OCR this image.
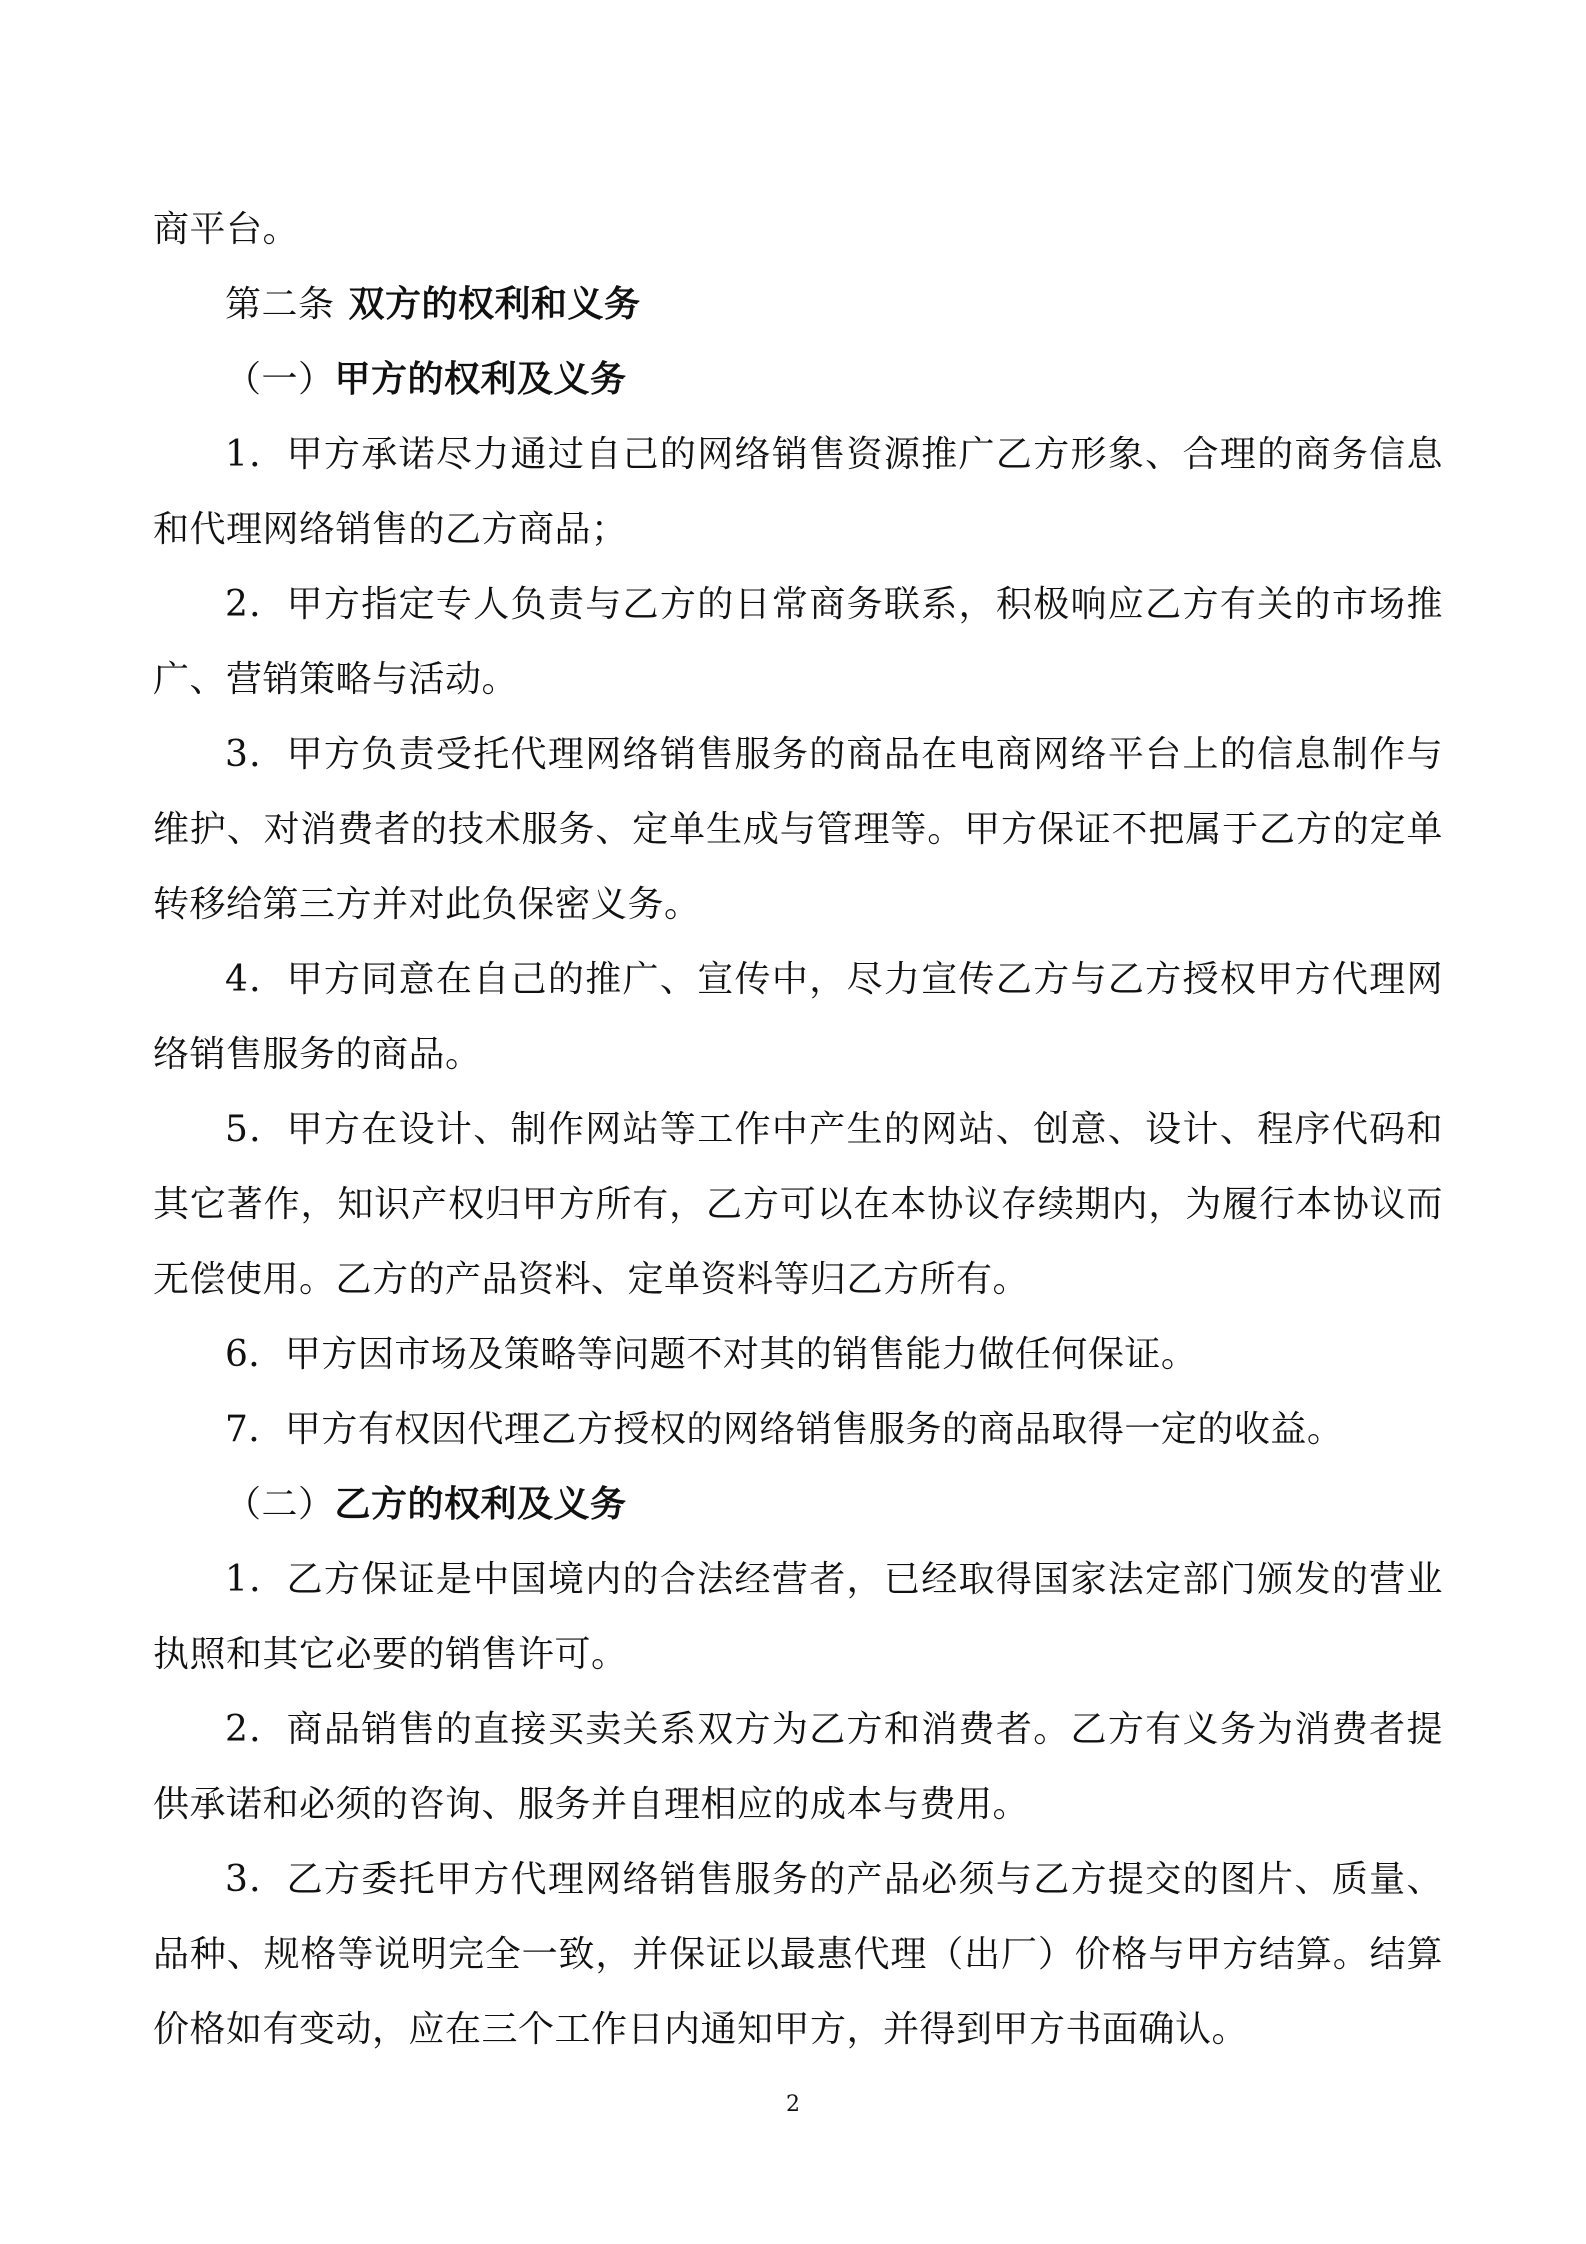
商平台。

第二条 双方的权利和义务

（一）甲方的权利及义务

1．甲方承诺尽力通过自己的网络销售资源推广乙方形象、合理的商务信息和代理网络销售的乙方商品；

2．甲方指定专人负责与乙方的日常商务联系，积极响应乙方有关的市场推广、营销策略与活动。

3．甲方负责受托代理网络销售服务的商品在电商网络平台上的信息制作与维护、对消费者的技术服务、定单生成与管理等。甲方保证不把属于乙方的定单转移给第三方并对此负保密义务。

4．甲方同意在自己的推广、宣传中，尽力宣传乙方与乙方授权甲方代理网络销售服务的商品。

5．甲方在设计、制作网站等工作中产生的网站、创意、设计、程序代码和其它著作，知识产权归甲方所有，乙方可以在本协议存续期内，为履行本协议而无偿使用。乙方的产品资料、定单资料等归乙方所有。

6．甲方因市场及策略等问题不对其的销售能力做任何保证。

7．甲方有权因代理乙方授权的网络销售服务的商品取得一定的收益。

（二）乙方的权利及义务

1．乙方保证是中国境内的合法经营者，已经取得国家法定部门颁发的营业执照和其它必要的销售许可。

2．商品销售的直接买卖关系双方为乙方和消费者。乙方有义务为消费者提供承诺和必须的咨询、服务并自理相应的成本与费用。

3．乙方委托甲方代理网络销售服务的产品必须与乙方提交的图片、质量、品种、规格等说明完全一致，并保证以最惠代理（出厂）价格与甲方结算。结算价格如有变动，应在三个工作日内通知甲方，并得到甲方书面确认。

2
